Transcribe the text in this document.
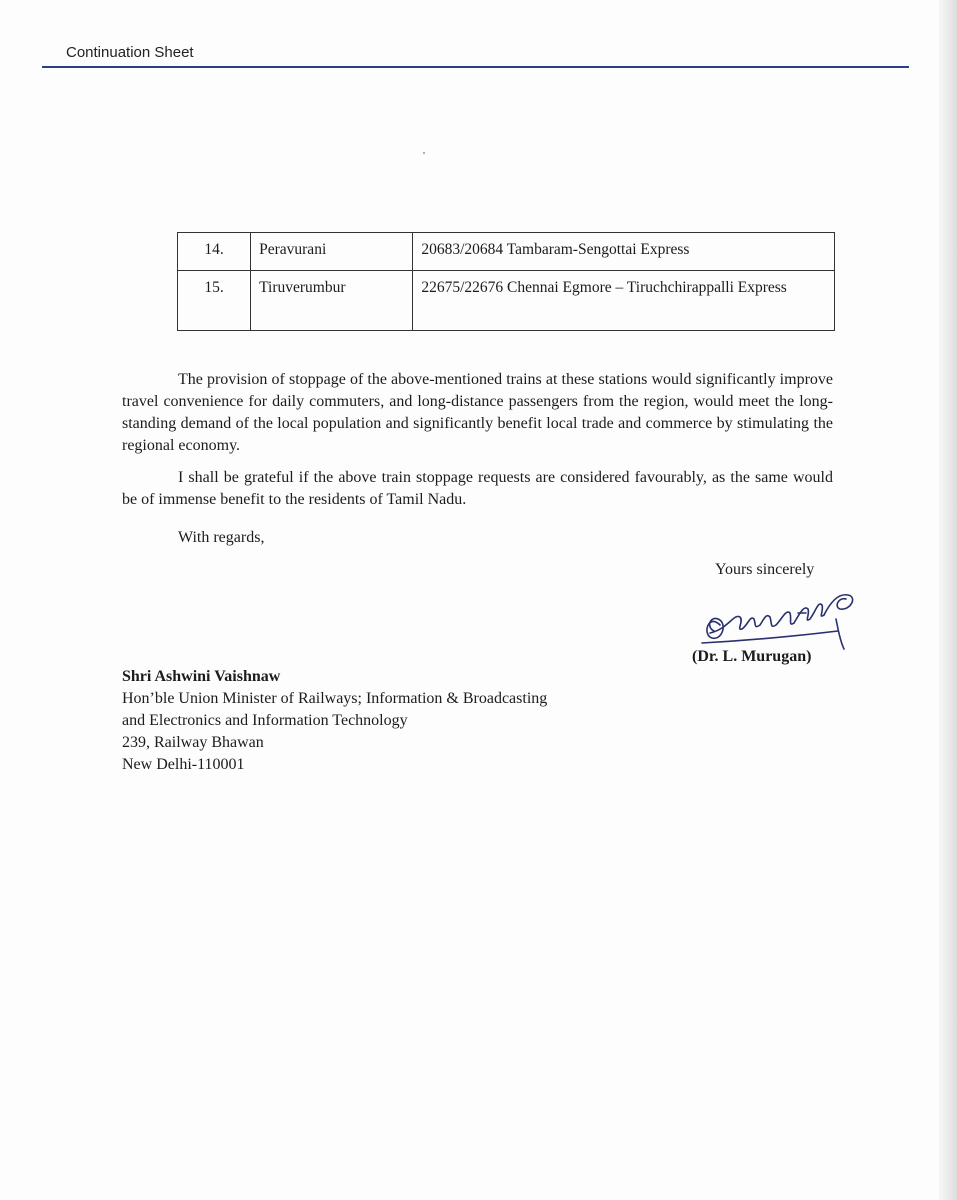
Continuation Sheet
14.	Peravurani	20683/20684 Tambaram-Sengottai Express
15.	Tiruverumbur	22675/22676 Chennai Egmore – Tiruchchirappalli Express

The provision of stoppage of the above-mentioned trains at these stations would significantly improve travel convenience for daily commuters, and long-distance passengers from the region, would meet the long-standing demand of the local population and significantly benefit local trade and commerce by stimulating the regional economy.

I shall be grateful if the above train stoppage requests are considered favourably, as the same would be of immense benefit to the residents of Tamil Nadu.

With regards,
Yours sincerely
(Dr. L. Murugan)
Shri Ashwini Vaishnaw
Hon’ble Union Minister of Railways; Information & Broadcasting
and Electronics and Information Technology
239, Railway Bhawan
New Delhi-110001
